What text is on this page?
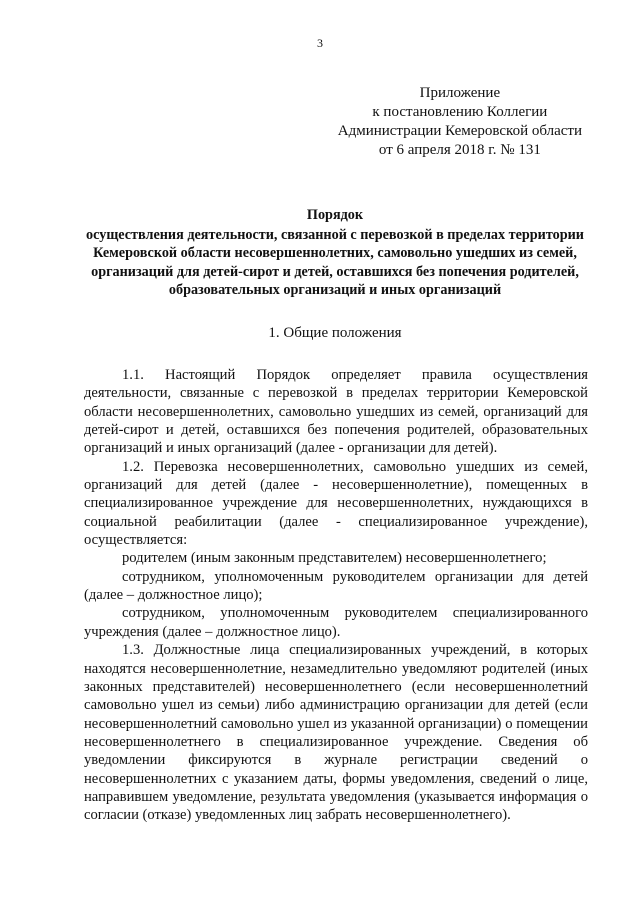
3
Приложение
к постановлению Коллегии
Администрации Кемеровской области
от 6 апреля 2018 г. № 131
Порядок
осуществления деятельности, связанной с перевозкой в пределах территории Кемеровской области несовершеннолетних, самовольно ушедших из семей, организаций для детей-сирот и детей, оставшихся без попечения родителей, образовательных организаций и иных организаций
1. Общие положения

1.1. Настоящий Порядок определяет правила осуществления деятельности, связанные с перевозкой в пределах территории Кемеровской области несовершеннолетних, самовольно ушедших из семей, организаций для детей-сирот и детей, оставшихся без попечения родителей, образовательных организаций и иных организаций (далее - организации для детей).

1.2. Перевозка несовершеннолетних, самовольно ушедших из семей, организаций для детей (далее - несовершеннолетние), помещенных в специализированное учреждение для несовершеннолетних, нуждающихся в социальной реабилитации (далее - специализированное учреждение), осуществляется:

родителем (иным законным представителем) несовершеннолетнего;

сотрудником, уполномоченным руководителем организации для детей (далее – должностное лицо);

сотрудником, уполномоченным руководителем специализированного учреждения (далее – должностное лицо).

1.3. Должностные лица специализированных учреждений, в которых находятся несовершеннолетние, незамедлительно уведомляют родителей (иных законных представителей) несовершеннолетнего (если несовершеннолетний самовольно ушел из семьи) либо администрацию организации для детей (если несовершеннолетний самовольно ушел из указанной организации) о помещении несовершеннолетнего в специализированное учреждение. Сведения об уведомлении фиксируются в журнале регистрации сведений о несовершеннолетних с указанием даты, формы уведомления, сведений о лице, направившем уведомление, результата уведомления (указывается информация о согласии (отказе) уведомленных лиц забрать несовершеннолетнего).
